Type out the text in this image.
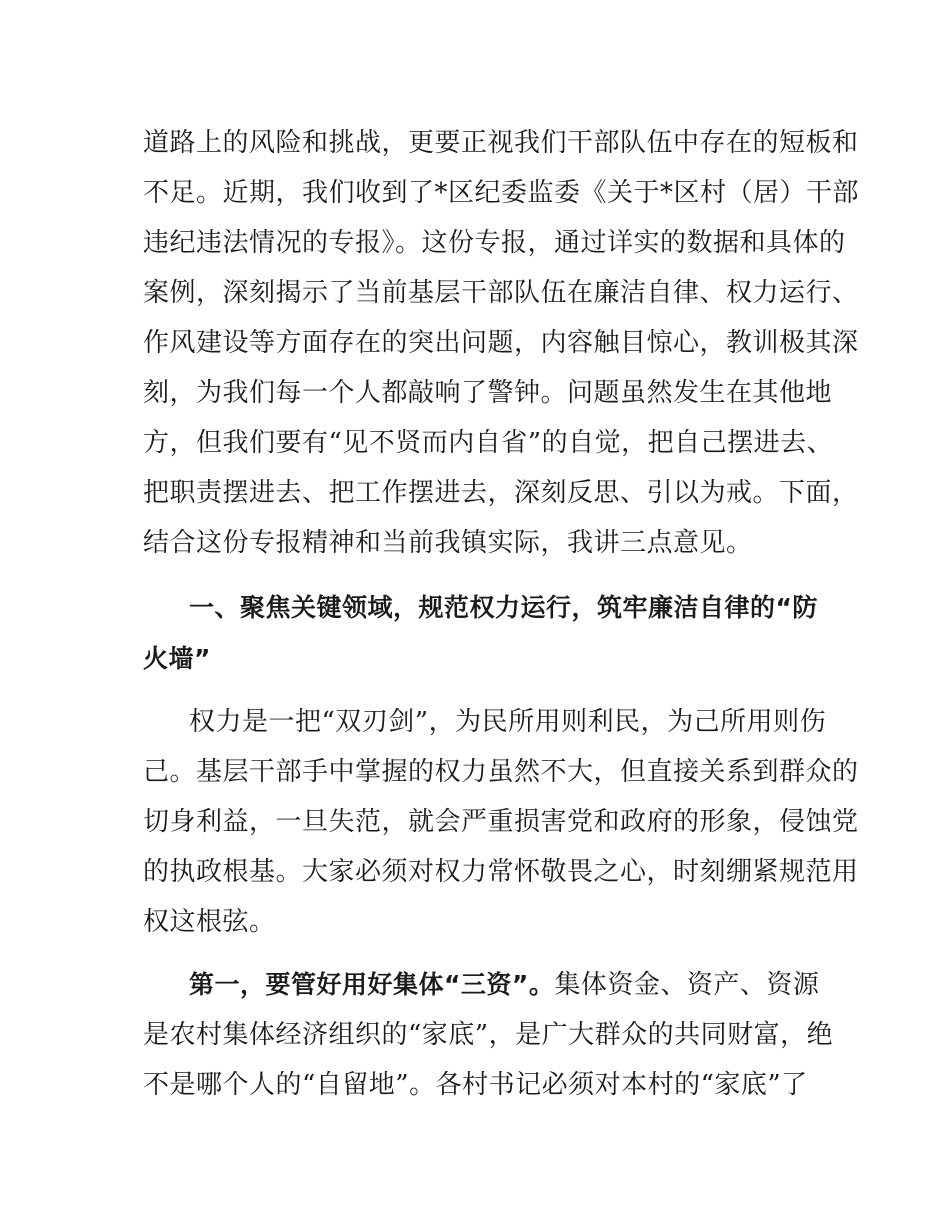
道路上的风险和挑战，更要正视我们干部队伍中存在的短板和
不足。近期，我们收到了*区纪委监委《关于*区村（居）干部
违纪违法情况的专报》。这份专报，通过详实的数据和具体的
案例，深刻揭示了当前基层干部队伍在廉洁自律、权力运行、
作风建设等方面存在的突出问题，内容触目惊心，教训极其深
刻，为我们每一个人都敲响了警钟。问题虽然发生在其他地
方，但我们要有“见不贤而内自省”的自觉，把自己摆进去、
把职责摆进去、把工作摆进去，深刻反思、引以为戒。下面，
结合这份专报精神和当前我镇实际，我讲三点意见。
一、聚焦关键领域，规范权力运行，筑牢廉洁自律的“防
火墙”
权力是一把“双刃剑”，为民所用则利民，为己所用则伤
己。基层干部手中掌握的权力虽然不大，但直接关系到群众的
切身利益，一旦失范，就会严重损害党和政府的形象，侵蚀党
的执政根基。大家必须对权力常怀敬畏之心，时刻绷紧规范用
权这根弦。
第一，要管好用好集体“三资”。集体资金、资产、资源
是农村集体经济组织的“家底”，是广大群众的共同财富，绝
不是哪个人的“自留地”。各村书记必须对本村的“家底”了
